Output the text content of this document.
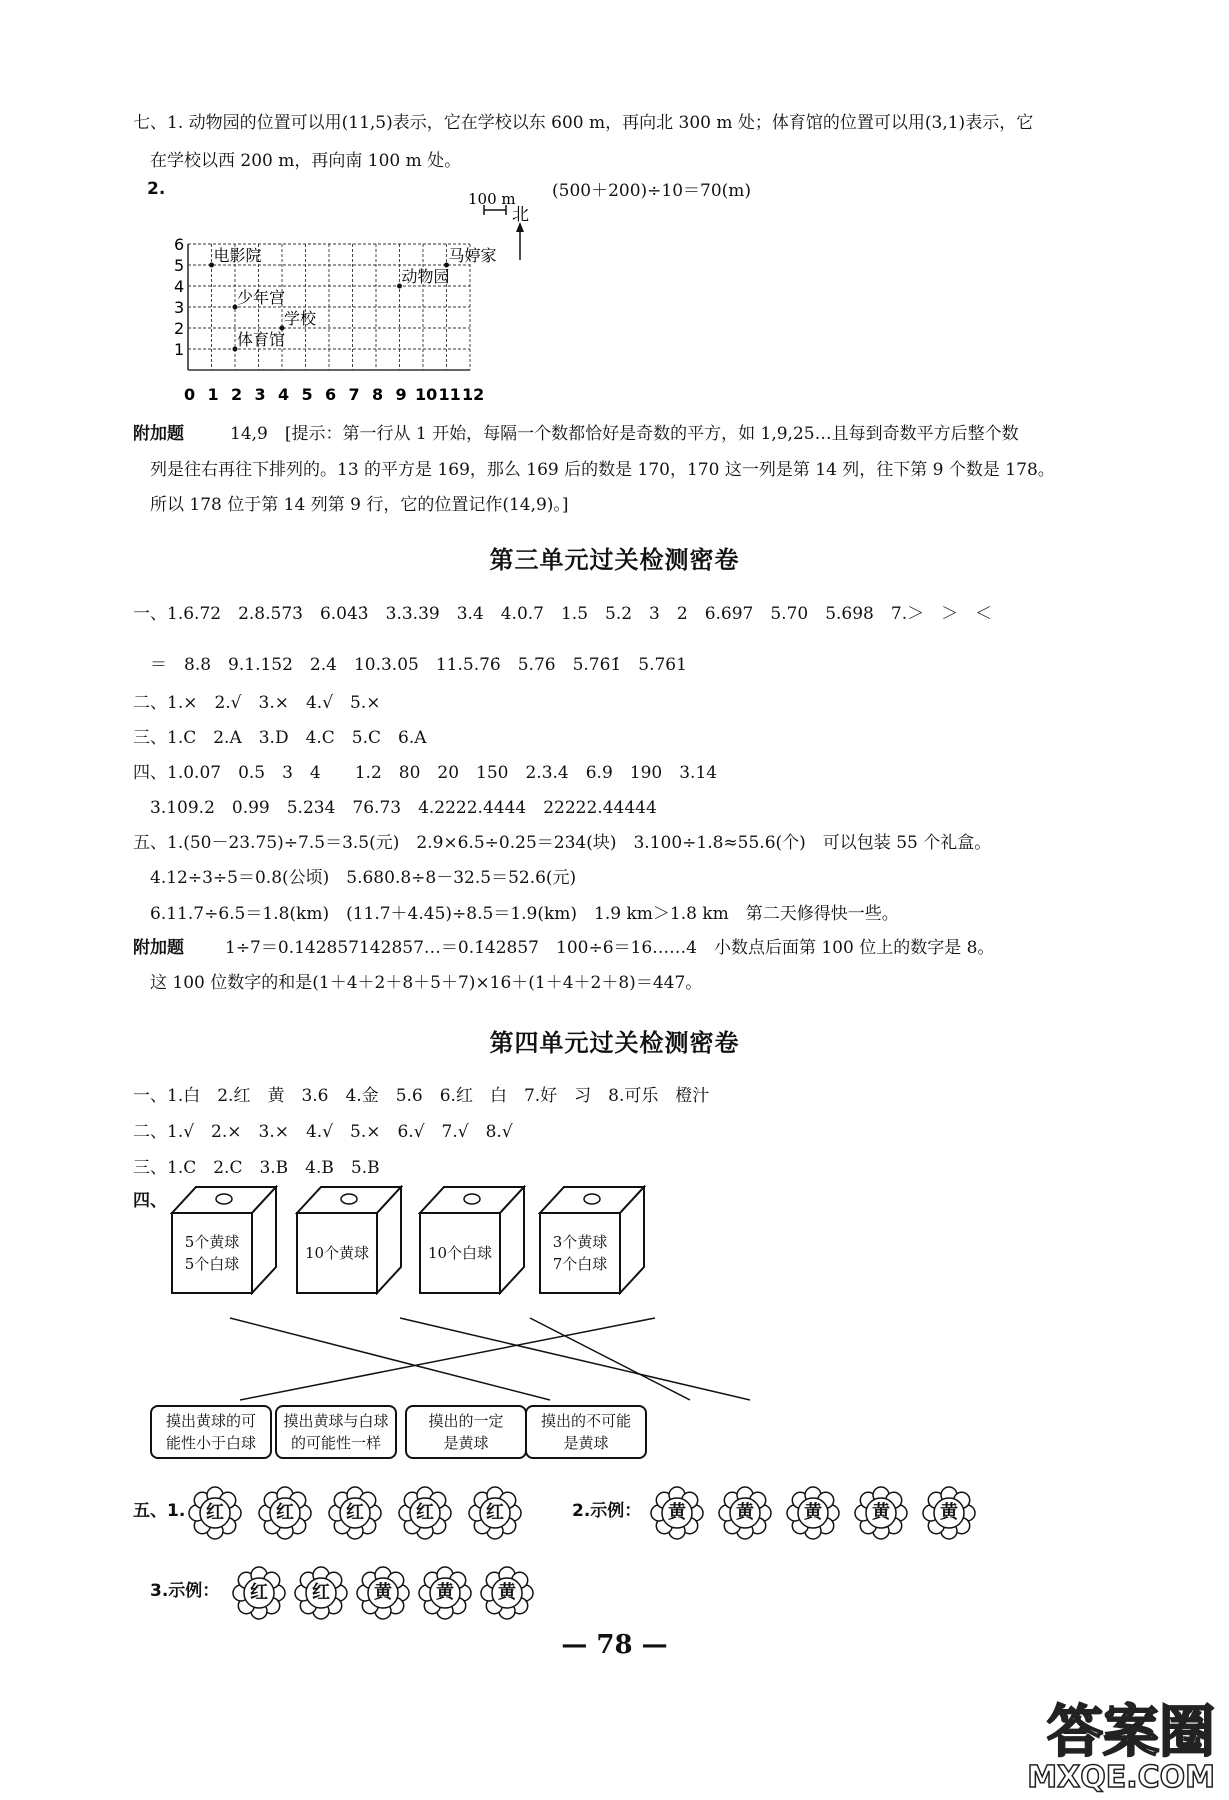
七、1. 动物园的位置可以用(11,5)表示，它在学校以东 600 m，再向北 300 m 处；体育馆的位置可以用(3,1)表示，它
在学校以西 200 m，再向南 100 m 处。
2.	(500＋200)÷10＝70(m)
0 1 2 3 4 5 6 7 8 9 10 11 12
1
2
3
4
5
6
电影院
少年宫
学校
体育馆
动物园
马婷家
100 m
北
附加题	14,9　[提示：第一行从 1 开始，每隔一个数都恰好是奇数的平方，如 1,9,25…且每到奇数平方后整个数
列是往右再往下排列的。13 的平方是 169，那么 169 后的数是 170，170 这一列是第 14 列，往下第 9 个数是 178。
所以 178 位于第 14 列第 9 行，它的位置记作(14,9)。]
第三单元过关检测密卷
一、1.6.72　2.8.5̇73̇　6.04̇3̇　3.3.39　3.4　4.0.7　1.5　5.2　3　2　6.697　5.70　5.698　7.＞　＞　＜
＝　8.8　9.1.152　2.4　10.3.05　11.5.7̇6̇　5.76　5.76̇1̇　5.761
二、1.×　2.√　3.×　4.√　5.×
三、1.C　2.A　3.D　4.C　5.C　6.A
四、1.0.07　0.5　3　4　　1.2　80　20　150　2.3.4　6.9　190　3.14
3.109.2　0.99　5.234　76.73　4.2222.4444　22222.44444
五、1.(50－23.75)÷7.5＝3.5(元)　2.9×6.5÷0.25＝234(块)　3.100÷1.8≈55.6(个)　可以包装 55 个礼盒。
4.12÷3÷5＝0.8(公顷)　5.680.8÷8－32.5＝52.6(元)
6.11.7÷6.5＝1.8(km)　(11.7＋4.45)÷8.5＝1.9(km)　1.9 km＞1.8 km　第二天修得快一些。
附加题 1÷7＝0.142857142857…＝0.1̇42857̇　100÷6＝16……4　小数点后面第 100 位上的数字是 8。
这 100 位数字的和是(1＋4＋2＋8＋5＋7)×16＋(1＋4＋2＋8)＝447。
第四单元过关检测密卷
一、1.白　2.红　黄　3.6　4.金　5.6　6.红　白　7.好　习　8.可乐　橙汁
二、1.√　2.×　3.×　4.√　5.×　6.√　7.√　8.√
三、1.C　2.C　3.B　4.B　5.B
四、
5个黄球
5个白球
10个黄球	10个白球
3个黄球
7个白球
摸出黄球的可
能性小于白球
摸出黄球与白球
的可能性一样
摸出的一定
是黄球
摸出的不可能
是黄球
五、1.	2.示例：
3.示例：
红	红	红	红	红	黄	黄	黄	黄	黄
红	红	黄	黄	黄
— 78 —
答案圈
MXQE.COM
